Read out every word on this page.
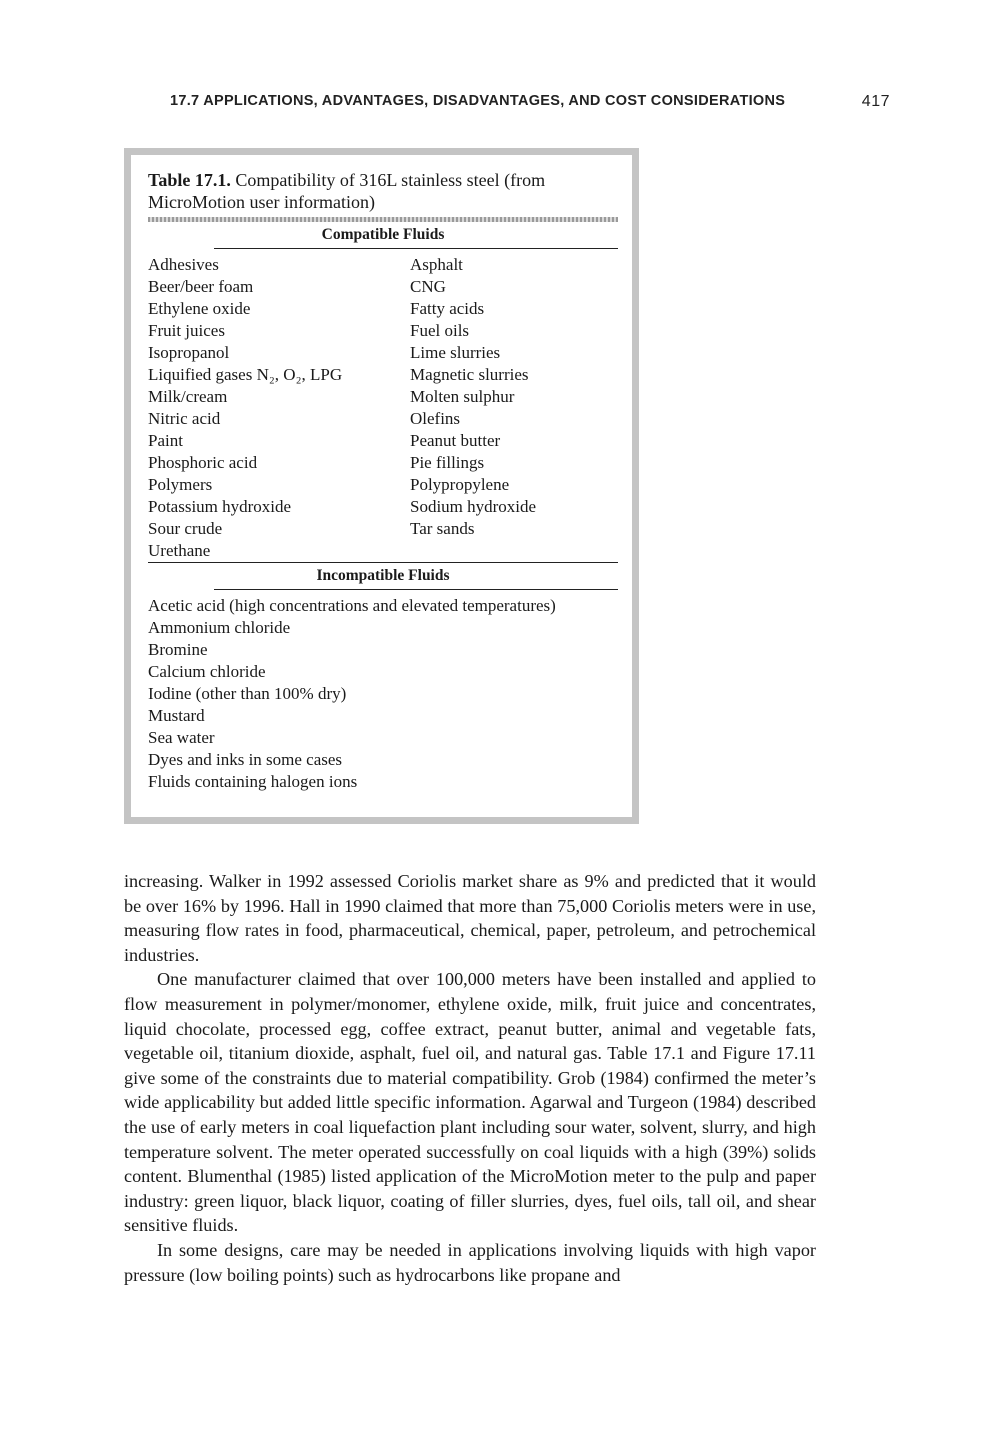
17.7 APPLICATIONS, ADVANTAGES, DISADVANTAGES, AND COST CONSIDERATIONS	417
Table 17.1. Compatibility of 316L stainless steel (from MicroMotion user information)
Compatible Fluids
Adhesives
Beer/beer foam
Ethylene oxide
Fruit juices
Isopropanol
Liquified gases N₂, O₂, LPG
Milk/cream
Nitric acid
Paint
Phosphoric acid
Polymers
Potassium hydroxide
Sour crude
Urethane
Asphalt
CNG
Fatty acids
Fuel oils
Lime slurries
Magnetic slurries
Molten sulphur
Olefins
Peanut butter
Pie fillings
Polypropylene
Sodium hydroxide
Tar sands
Incompatible Fluids
Acetic acid (high concentrations and elevated temperatures)
Ammonium chloride
Bromine
Calcium chloride
Iodine (other than 100% dry)
Mustard
Sea water
Dyes and inks in some cases
Fluids containing halogen ions

increasing. Walker in 1992 assessed Coriolis market share as 9% and predicted that it would be over 16% by 1996. Hall in 1990 claimed that more than 75,000 Coriolis meters were in use, measuring flow rates in food, pharmaceutical, chemical, paper, petroleum, and petrochemical industries.

One manufacturer claimed that over 100,000 meters have been installed and applied to flow measurement in polymer/monomer, ethylene oxide, milk, fruit juice and concentrates, liquid chocolate, processed egg, coffee extract, peanut butter, animal and vegetable fats, vegetable oil, titanium dioxide, asphalt, fuel oil, and natural gas. Table 17.1 and Figure 17.11 give some of the constraints due to material compatibility. Grob (1984) confirmed the meter’s wide applicability but added little specific information. Agarwal and Turgeon (1984) described the use of early meters in coal liquefaction plant including sour water, solvent, slurry, and high temperature solvent. The meter operated successfully on coal liquids with a high (39%) solids content. Blumenthal (1985) listed application of the MicroMotion meter to the pulp and paper industry: green liquor, black liquor, coating of filler slurries, dyes, fuel oils, tall oil, and shear sensitive fluids.

In some designs, care may be needed in applications involving liquids with high vapor pressure (low boiling points) such as hydrocarbons like propane and
